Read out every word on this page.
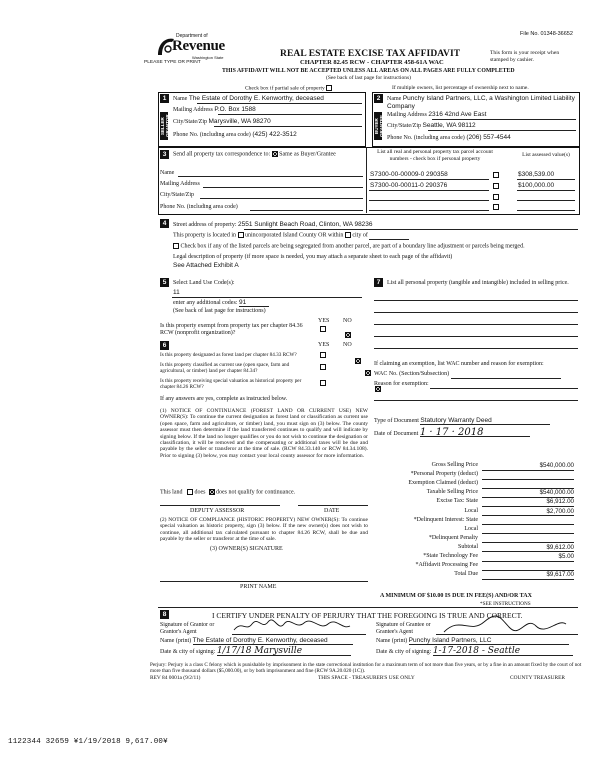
File No. 01348-36652
Department of
Revenue
Washington State
PLEASE TYPE OR PRINT
REAL ESTATE EXCISE TAX AFFIDAVIT
CHAPTER 82.45 RCW - CHAPTER 458-61A WAC
This form is your receipt when stamped by cashier.
THIS AFFIDAVIT WILL NOT BE ACCEPTED UNLESS ALL AREAS ON ALL PAGES ARE FULLY COMPLETED
(See back of last page for instructions)
Check box if partial sale of property	If multiple owners, list percentage of ownership next to name.
1
SELLER GRANTOR
Name The Estate of Dorothy E. Kenworthy, deceased
Mailing Address P.O. Box 1588
City/State/Zip Marysville, WA 98270
Phone No. (including area code) (425) 422-3512
2
BUYER GRANTEE
Name Punchy Island Partners, LLC, a Washington Limited Liability Company
Mailing Address 2316 42nd Ave East
City/State/Zip Seattle, WA 98112
Phone No. (including area code) (206) 557-4544
3	Send all property tax correspondence to: Same as Buyer/Grantee
Name
Mailing Address
City/State/Zip
Phone No. (including area code)
List all real and personal property tax parcel account numbers - check box if personal property
List assessed value(s)
S7300-00-00009-0 290358	$308,539.00
S7300-00-00011-0 290376	$100,000.00
4	Street address of property: 2551 Sunlight Beach Road, Clinton, WA 98236
This property is located in unincorporated Island County OR within city of
Check box if any of the listed parcels are being segregated from another parcel, are part of a boundary line adjustment or parcels being merged.
Legal description of property (if more space is needed, you may attach a separate sheet to each page of the affidavit)
See Attached Exhibit A
5	Select Land Use Code(s):
11
enter any additional codes: 91
(See back of last page for instructions)
YES NO
Is this property exempt from property tax per chapter 84.36 RCW (nonprofit organization)?

6	YES NO
Is this property designated as forest land per chapter 84.33 RCW?

Is this property classified as current use (open space, farm and agricultural, or timber) land per chapter 84.34?

Is this property receiving special valuation as historical property per chapter 84.26 RCW?
If any answers are yes, complete as instructed below.
(1) NOTICE OF CONTINUANCE (FOREST LAND OR CURRENT USE) NEW OWNER(S): To continue the current designation as forest land or classification as current use (open space, farm and agriculture, or timber) land, you must sign on (3) below. The county assessor must then determine if the land transferred continues to qualify and will indicate by signing below. If the land no longer qualifies or you do not wish to continue the designation or classification, it will be removed and the compensating or additional taxes will be due and payable by the seller or transferor at the time of sale. (RCW 84.33.140 or RCW 84.34.108). Prior to signing (3) below, you may contact your local county assessor for more information.
This land does does not qualify for continuance.
DEPUTY ASSESSOR	DATE
(2) NOTICE OF COMPLIANCE (HISTORIC PROPERTY) NEW OWNER(S): To continue special valuation as historic property, sign (3) below. If the new owner(s) does not wish to continue, all additional tax calculated pursuant to chapter 84.26 RCW, shall be due and payable by the seller or transferor at the time of sale.
(3) OWNER(S) SIGNATURE
PRINT NAME
7	List all personal property (tangible and intangible) included in selling price.
If claiming an exemption, list WAC number and reason for exemption:
WAC No. (Section/Subsection)
Reason for exemption:
Type of Document Statutory Warranty Deed
Date of Document 1 · 17 · 2018
Gross Selling Price	$540,000.00
*Personal Property (deduct)
Exemption Claimed (deduct)
Taxable Selling Price	$540,000.00
Excise Tax: State	$6,912.00
Local	$2,700.00
*Delinquent Interest: State
Local
*Delinquent Penalty
Subtotal	$9,612.00
*State Technology Fee	$5.00
*Affidavit Processing Fee
Total Due	$9,617.00
A MINIMUM OF $10.00 IS DUE IN FEE(S) AND/OR TAX
*SEE INSTRUCTIONS
8	I CERTIFY UNDER PENALTY OF PERJURY THAT THE FOREGOING IS TRUE AND CORRECT.
Signature of Grantor or Grantor's Agent
Signature of Grantee or Grantee's Agent
Name (print) The Estate of Dorothy E. Kenworthy, deceased	Name (print) Punchy Island Partners, LLC
Date & city of signing: 1/17/18 Marysville	Date & city of signing: 1-17-2018 - Seattle
Perjury: Perjury is a class C felony which is punishable by imprisonment in the state correctional institution for a maximum term of not more than five years, or by a fine in an amount fixed by the court of not more than five thousand dollars ($5,000.00), or by both imprisonment and fine (RCW 9A.20.020 (1C)).
REV 84 0001a (9/2/11)	THIS SPACE - TREASURER'S USE ONLY	COUNTY TREASURER
1122344 32659 ¥1/19/2018 9,617.00¥
